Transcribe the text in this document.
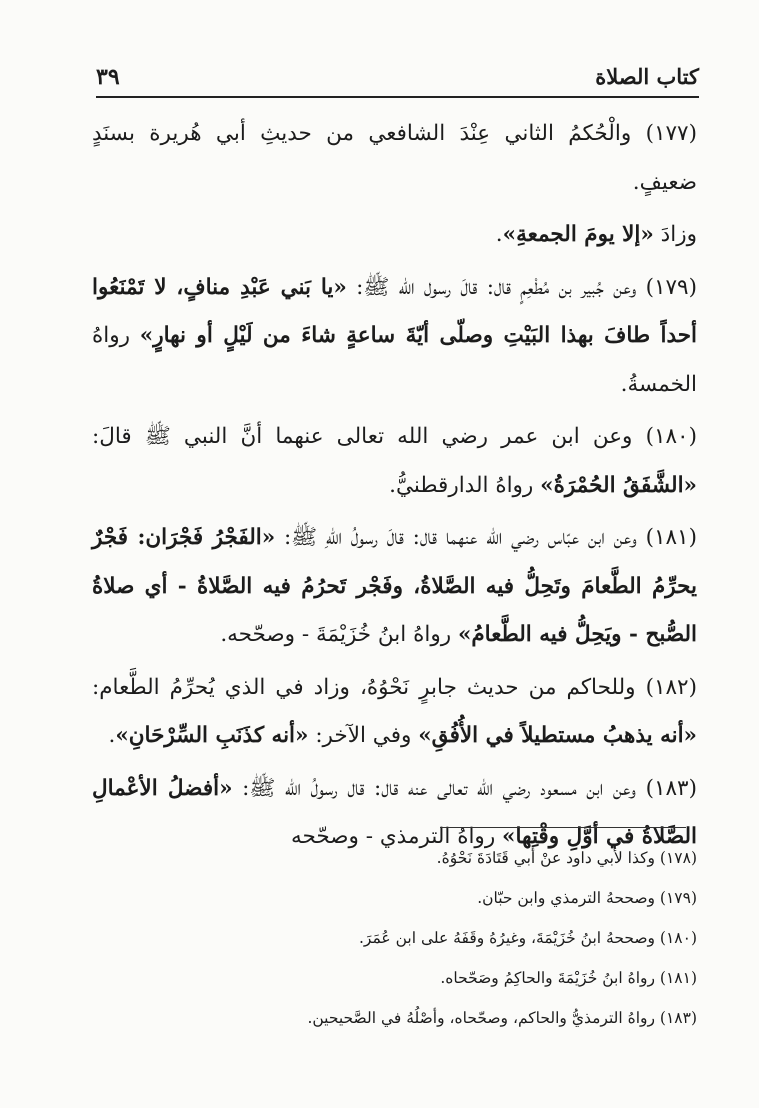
٣٩	كتاب الصلاة

(١٧٧) والْحُكمُ الثاني عِنْدَ الشافعي من حديثِ أبي هُريرة بسنَدٍ ضعيفٍ.

وزادَ «إلا يومَ الجمعةِ».

(١٧٩) وعن جُبير بن مُطْعِمٍ قال: قالَ رسول الله ﷺ: «يا بَني عَبْدِ منافٍ، لا تَمْنَعُوا أحداً طافَ بهذا البَيْتِ وصلّى أيّةَ ساعةٍ شاءَ من لَيْلٍ أو نهارٍ» رواهُ الخمسةُ.

(١٨٠) وعن ابن عمر رضي الله تعالى عنهما أنَّ النبي ﷺ قالَ: «الشَّفَقُ الحُمْرَةُ» رواهُ الدارقطنيُّ.

(١٨١) وعن ابن عبّاس رضي الله عنهما قال: قالَ رسولُ اللهِ ﷺ: «الفَجْرُ فَجْرَان: فَجْرٌ يحرِّمُ الطَّعامَ وتَحِلُّ فيه الصَّلاةُ، وفَجْر تَحرُمُ فيه الصَّلاةُ - أي صلاةُ الصُّبح - ويَحِلُّ فيه الطَّعامُ» رواهُ ابنُ خُزَيْمَةَ - وصحّحه.

(١٨٢) وللحاكم من حديث جابرٍ نَحْوُهُ، وزاد في الذي يُحرِّمُ الطَّعام: «أنه يذهبُ مستطيلاً في الأُفُقِ» وفي الآخر: «أنه كذَنَبِ السِّرْحَانِ».

(١٨٣) وعن ابن مسعود رضي الله تعالى عنه قال: قال رسولُ الله ﷺ: «أفضلُ الأعْمالِ الصَّلاةُ في أوَّلِ وقْتِها» رواهُ الترمذي - وصحّحه

(١٧٨) وكذا لأبي داود عنْ أبي قَتَادَةَ نَحْوُهُ.

(١٧٩) وصححهُ الترمذي وابن حبّان.

(١٨٠) وصححهُ ابنُ خُزَيْمَةَ، وغيرُهُ وقَفَهُ على ابن عُمَرَ.

(١٨١) رواهُ ابنُ خُزَيْمَةَ والحاكِمُ وصَحّحاه.

(١٨٣) رواهُ الترمذيُّ والحاكم، وصحّحاه، وأصْلُهُ في الصَّحيحين.
